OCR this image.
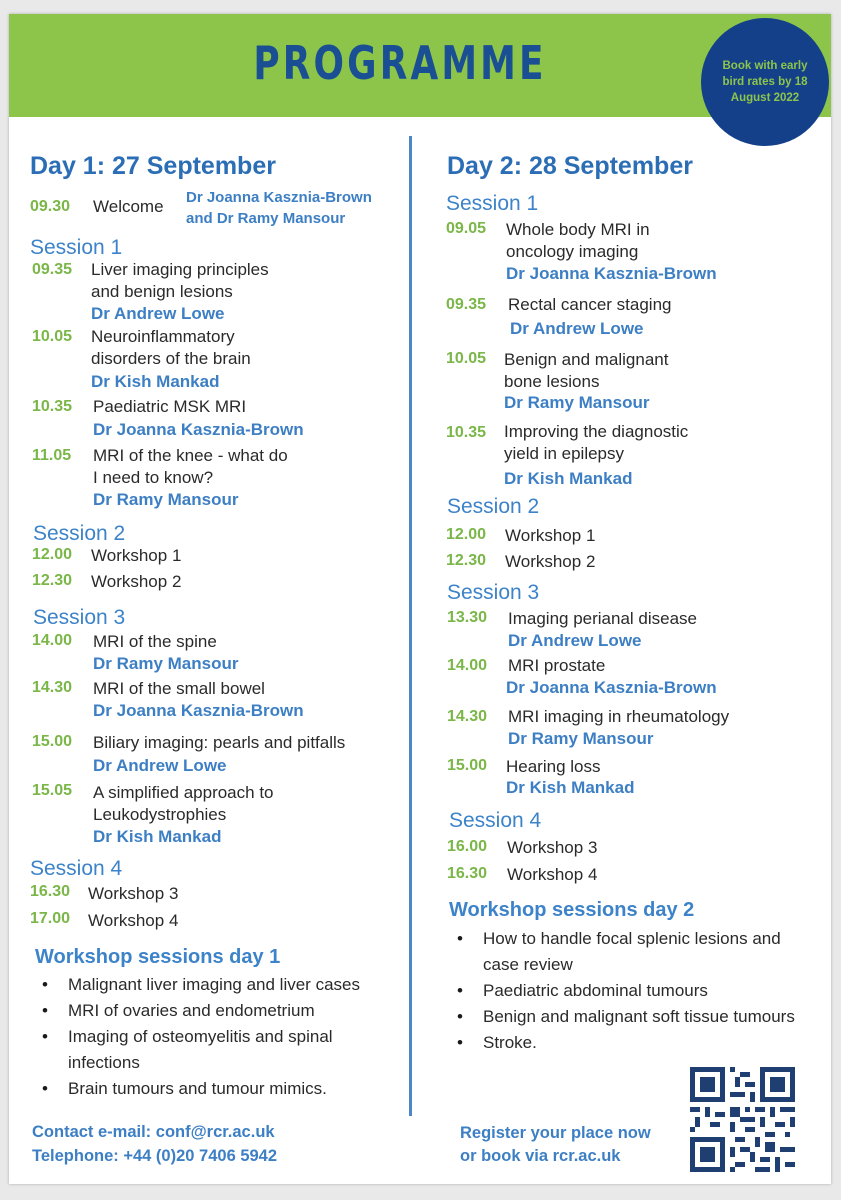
PROGRAMME	Book with early bird rates by 18 August 2022
Day 1: 27 September
09.30 Welcome Dr Joanna Kasznia-Brown
and Dr Ramy Mansour
Session 1
09.35 Liver imaging principles
and benign lesions
Dr Andrew Lowe
10.05 Neuroinflammatory
disorders of the brain
Dr Kish Mankad
10.35 Paediatric MSK MRI
Dr Joanna Kasznia-Brown
11.05 MRI of the knee - what do
I need to know?
Dr Ramy Mansour
Session 2
12.00 Workshop 1
12.30 Workshop 2
Session 3
14.00 MRI of the spine
Dr Ramy Mansour
14.30 MRI of the small bowel
Dr Joanna Kasznia-Brown
15.00 Biliary imaging: pearls and pitfalls
Dr Andrew Lowe
15.05 A simplified approach to
Leukodystrophies
Dr Kish Mankad
Session 4
16.30 Workshop 3
17.00 Workshop 4
Workshop sessions day 1
• Malignant liver imaging and liver cases
• MRI of ovaries and endometrium
• Imaging of osteomyelitis and spinal infections
• Brain tumours and tumour mimics.
Contact e-mail: conf@rcr.ac.uk
Telephone: +44 (0)20 7406 5942
Day 2: 28 September
Session 1
09.05 Whole body MRI in
oncology imaging
Dr Joanna Kasznia-Brown
09.35 Rectal cancer staging
Dr Andrew Lowe
10.05 Benign and malignant
bone lesions
Dr Ramy Mansour
10.35 Improving the diagnostic
yield in epilepsy
Dr Kish Mankad
Session 2
12.00 Workshop 1
12.30 Workshop 2
Session 3
13.30 Imaging perianal disease
Dr Andrew Lowe
14.00 MRI prostate
Dr Joanna Kasznia-Brown
14.30 MRI imaging in rheumatology
Dr Ramy Mansour
15.00 Hearing loss
Dr Kish Mankad
Session 4
16.00 Workshop 3
16.30 Workshop 4
Workshop sessions day 2
• How to handle focal splenic lesions and case review
• Paediatric abdominal tumours
• Benign and malignant soft tissue tumours
• Stroke.
Register your place now
or book via rcr.ac.uk
